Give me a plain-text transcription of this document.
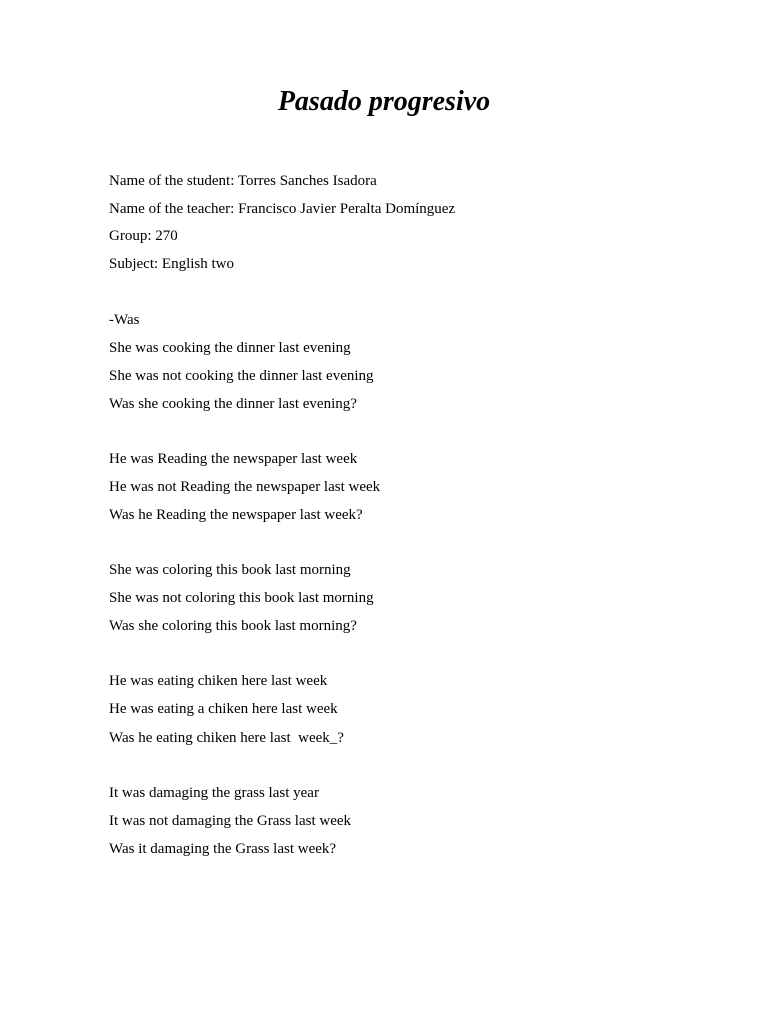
Pasado progresivo

Name of the student: Torres Sanches Isadora

Name of the teacher: Francisco Javier Peralta Domínguez

Group: 270

Subject: English two

-Was

She was cooking the dinner last evening

She was not cooking the dinner last evening

Was she cooking the dinner last evening?

He was Reading the newspaper last week

He was not Reading the newspaper last week

Was he Reading the newspaper last week?

She was coloring this book last morning

She was not coloring this book last morning

Was she coloring this book last morning?

He was eating chiken here last week

He was eating a chiken here last week

Was he eating chiken here last  week_?

It was damaging the grass last year

It was not damaging the Grass last week

Was it damaging the Grass last week?
